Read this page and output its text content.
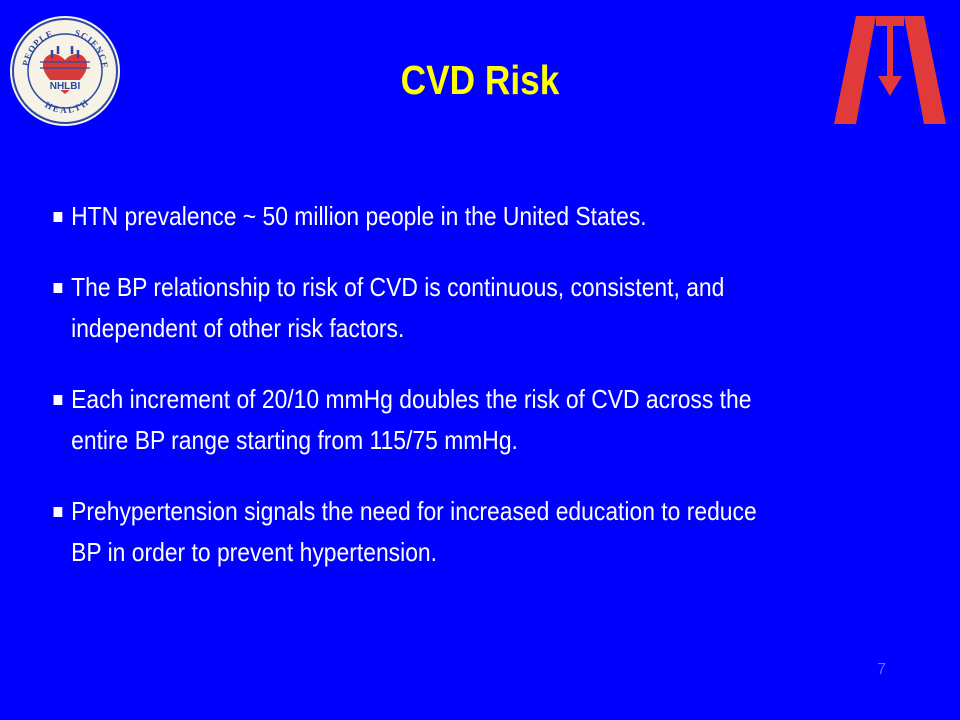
PEOPLE SCIENCE
HEALTH
NHLBI	CVD Risk
HTN prevalence ~ 50 million people in the United States.
The BP relationship to risk of CVD is continuous, consistent, and independent of other risk factors.
Each increment of 20/10 mmHg doubles the risk of CVD across the entire BP range starting from 115/75 mmHg.
Prehypertension signals the need for increased education to reduce BP in order to prevent hypertension.
7
